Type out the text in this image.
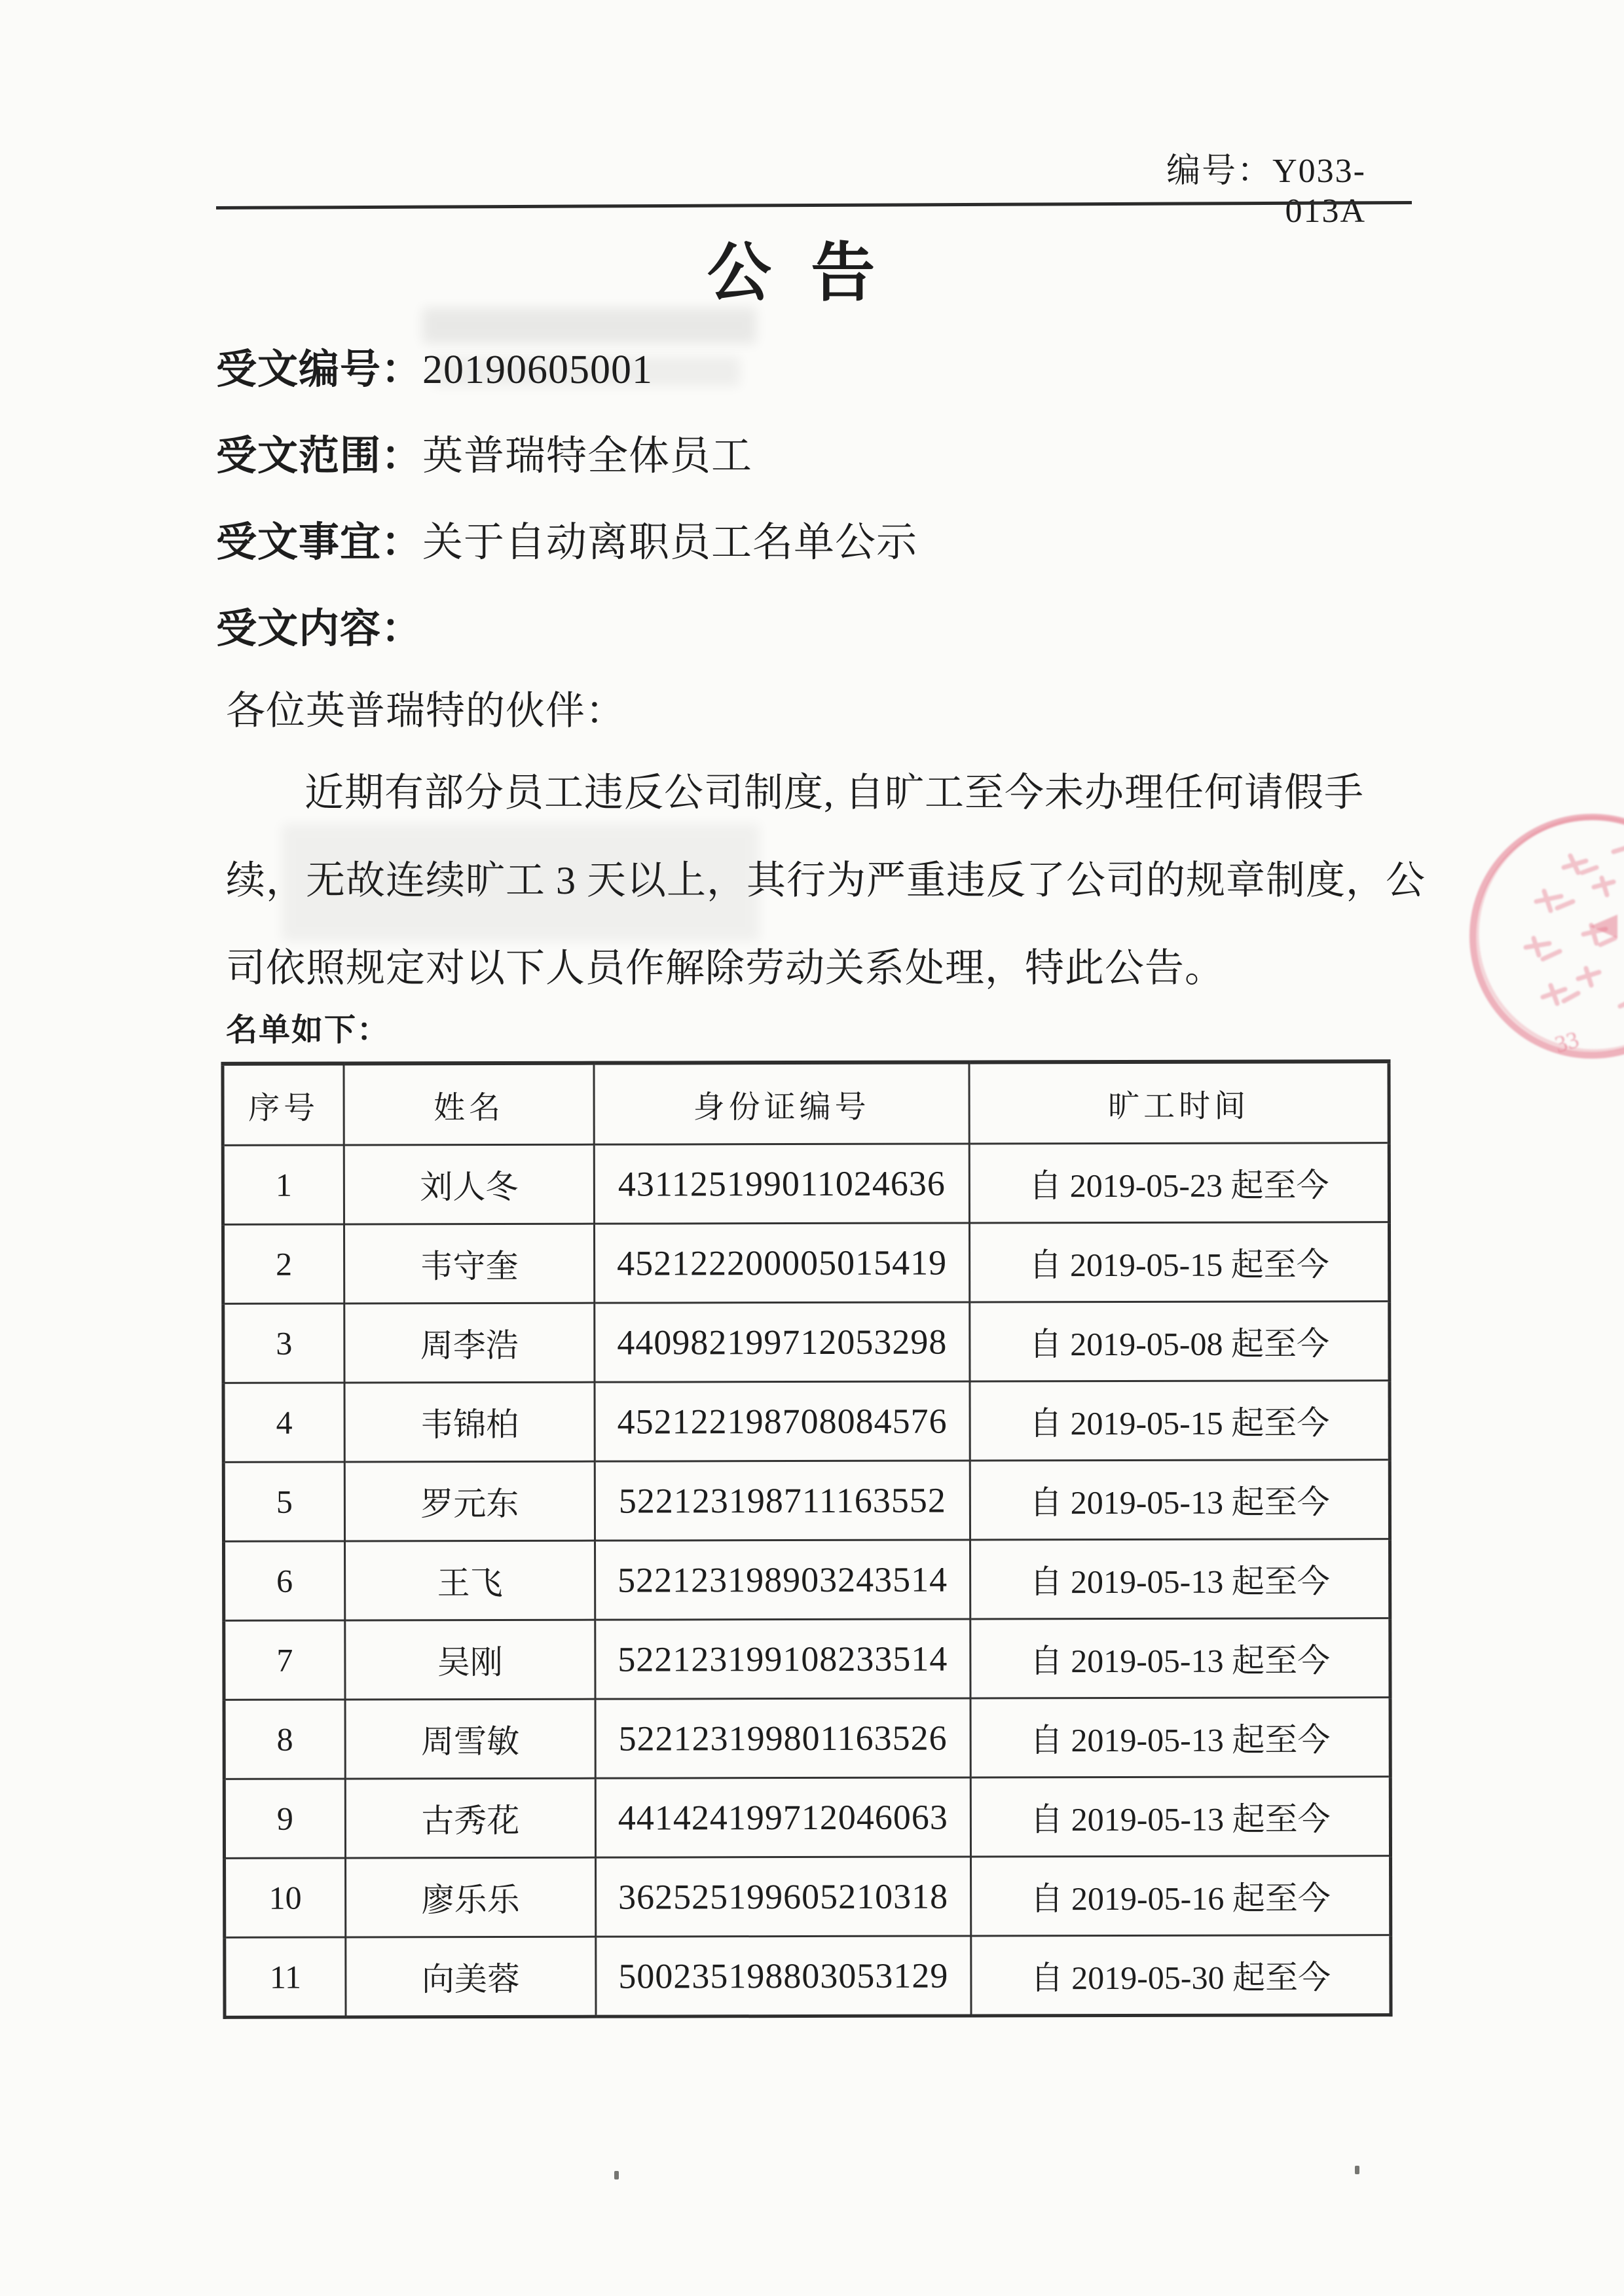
编号：Y033-013A
公 告
受文编号：20190605001
受文范围：英普瑞特全体员工
受文事宜：关于自动离职员工名单公示
受文内容：
各位英普瑞特的伙伴：
近期有部分员工违反公司制度, 自旷工至今未办理任何请假手
续，无故连续旷工 3 天以上，其行为严重违反了公司的规章制度，公
司依照规定对以下人员作解除劳动关系处理，特此公告。
名单如下：
序号	姓名	身份证编号	旷工时间
1	刘人冬	431125199011024636	自 2019-05-23 起至今
2	韦守奎	452122200005015419	自 2019-05-15 起至今
3	周李浩	440982199712053298	自 2019-05-08 起至今
4	韦锦柏	452122198708084576	自 2019-05-15 起至今
5	罗元东	522123198711163552	自 2019-05-13 起至今
6	王飞	522123198903243514	自 2019-05-13 起至今
7	吴刚	522123199108233514	自 2019-05-13 起至今
8	周雪敏	522123199801163526	自 2019-05-13 起至今
9	古秀花	441424199712046063	自 2019-05-13 起至今
10	廖乐乐	362525199605210318	自 2019-05-16 起至今
11	向美蓉	500235198803053129	自 2019-05-30 起至今
33
